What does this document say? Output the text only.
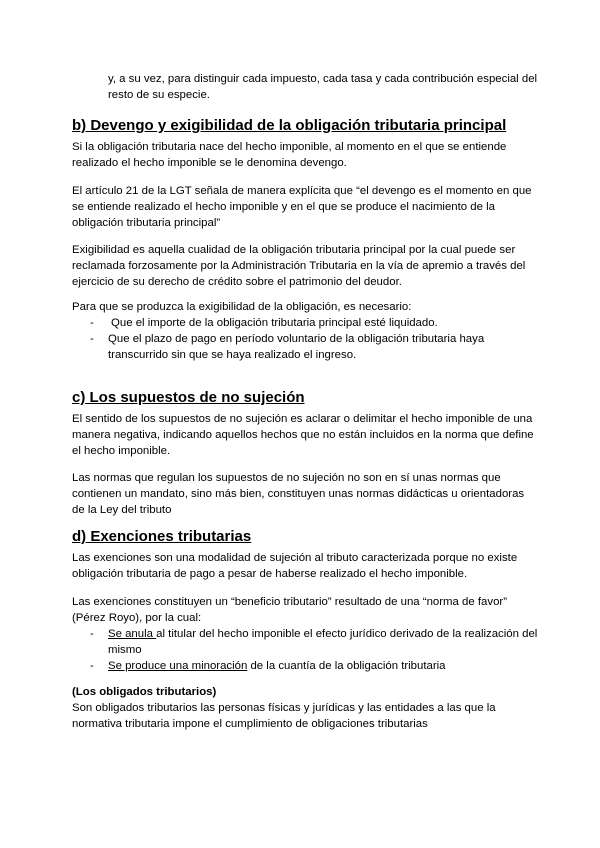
y, a su vez, para distinguir cada impuesto, cada tasa y cada contribución especial del
resto de su especie.
b) Devengo y exigibilidad de la obligación tributaria principal
Si la obligación tributaria nace del hecho imponible, al momento en el que se entiende
realizado el hecho imponible se le denomina devengo.
El artículo 21 de la LGT señala de manera explícita que “el devengo es el momento en que
se entiende realizado el hecho imponible y en el que se produce el nacimiento de la
obligación tributaria principal”
Exigibilidad es aquella cualidad de la obligación tributaria principal por la cual puede ser
reclamada forzosamente por la Administración Tributaria en la vía de apremio a través del
ejercicio de su derecho de crédito sobre el patrimonio del deudor.
Para que se produzca la exigibilidad de la obligación, es necesario:
- Que el importe de la obligación tributaria principal esté liquidado.
- Que el plazo de pago en período voluntario de la obligación tributaria haya
transcurrido sin que se haya realizado el ingreso.
c) Los supuestos de no sujeción
El sentido de los supuestos de no sujeción es aclarar o delimitar el hecho imponible de una
manera negativa, indicando aquellos hechos que no están incluidos en la norma que define
el hecho imponible.
Las normas que regulan los supuestos de no sujeción no son en sí unas normas que
contienen un mandato, sino más bien, constituyen unas normas didácticas u orientadoras
de la Ley del tributo
d) Exenciones tributarias
Las exenciones son una modalidad de sujeción al tributo caracterizada porque no existe
obligación tributaria de pago a pesar de haberse realizado el hecho imponible.
Las exenciones constituyen un “beneficio tributario” resultado de una “norma de favor”
(Pérez Royo), por la cual:
- Se anula al titular del hecho imponible el efecto jurídico derivado de la realización del
mismo
- Se produce una minoración de la cuantía de la obligación tributaria
(Los obligados tributarios)
Son obligados tributarios las personas físicas y jurídicas y las entidades a las que la
normativa tributaria impone el cumplimiento de obligaciones tributarias
